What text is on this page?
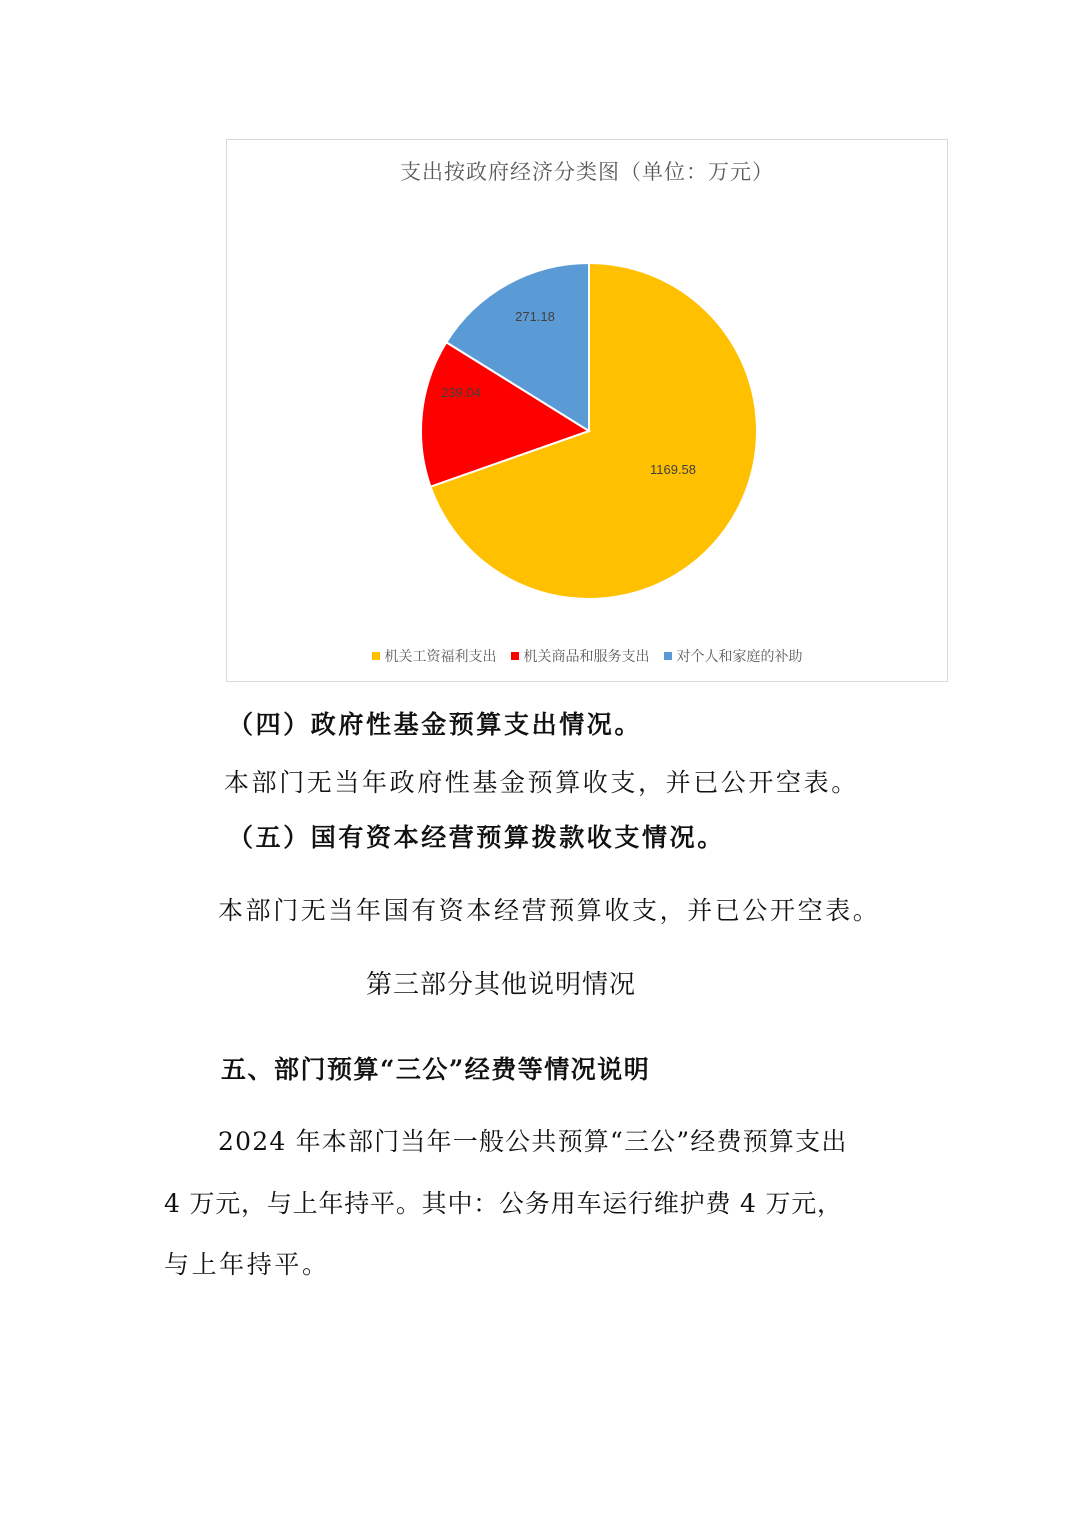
支出按政府经济分类图（单位：万元）
1169.58
239.04
271.18
机关工资福利支出 机关商品和服务支出 对个人和家庭的补助
（四）政府性基金预算支出情况。
本部门无当年政府性基金预算收支，并已公开空表。
（五）国有资本经营预算拨款收支情况。
本部门无当年国有资本经营预算收支，并已公开空表。
第三部分其他说明情况
五、部门预算“三公”经费等情况说明
2024 年本部门当年一般公共预算“三公”经费预算支出
4 万元，与上年持平。其中：公务用车运行维护费 4 万元，
与上年持平。
